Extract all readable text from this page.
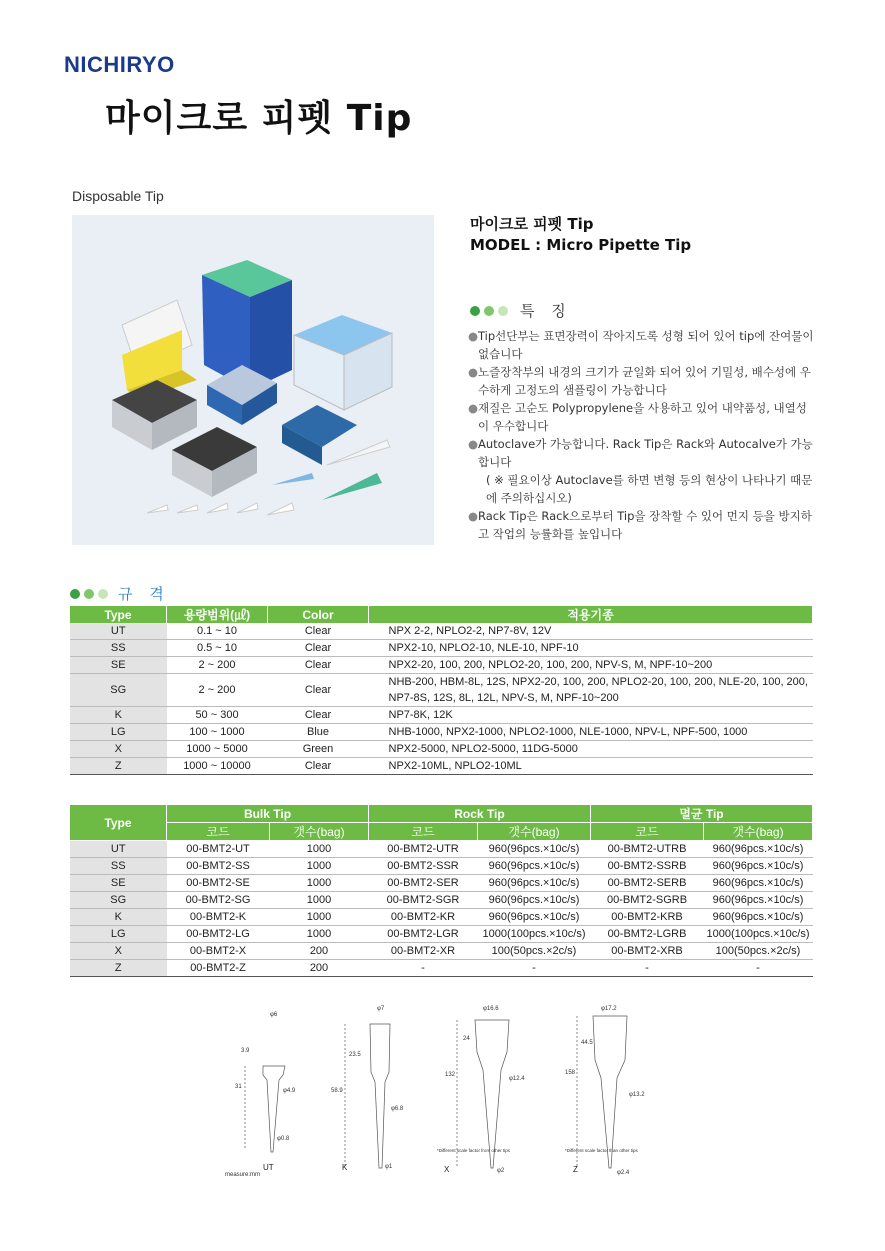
NICHIRYO
마이크로 피펫 Tip
Disposable Tip
마이크로 피펫 Tip
MODEL : Micro Pipette Tip
특 징
● Tip선단부는 표면장력이 작아지도록 성형 되어 있어 tip에 잔여물이 없습니다
● 노즐장착부의 내경의 크기가 균일화 되어 있어 기밀성, 배수성에 우수하게 고정도의 샘플링이 가능합니다
● 재질은 고순도 Polypropylene을 사용하고 있어 내약품성, 내열성이 우수합니다
● Autoclave가 가능합니다. Rack Tip은 Rack와 Autocalve가 가능합니다
( ※ 필요이상 Autoclave를 하면 변형 등의 현상이 나타나기 때문에 주의하십시오)
● Rack Tip은 Rack으로부터 Tip을 장착할 수 있어 먼지 등을 방지하고 작업의 능률화를 높입니다
규 격
Type	용량범위(㎕)	Color	적용기종
UT	0.1 ~ 10	Clear	NPX 2-2, NPLO2-2, NP7-8V, 12V
SS	0.5 ~ 10	Clear	NPX2-10, NPLO2-10, NLE-10, NPF-10
SE	2 ~ 200	Clear	NPX2-20, 100, 200, NPLO2-20, 100, 200, NPV-S, M, NPF-10~200
SG	2 ~ 200	Clear	NHB-200, HBM-8L, 12S, NPX2-20, 100, 200, NPLO2-20, 100, 200, NLE-20, 100, 200, NP7-8S, 12S, 8L, 12L, NPV-S, M, NPF-10~200
K	50 ~ 300	Clear	NP7-8K, 12K
LG	100 ~ 1000	Blue	NHB-1000, NPX2-1000, NPLO2-1000, NLE-1000, NPV-L, NPF-500, 1000
X	1000 ~ 5000	Green	NPX2-5000, NPLO2-5000, 11DG-5000
Z	1000 ~ 10000	Clear	NPX2-10ML, NPLO2-10ML
Type	Bulk Tip		Rock Tip		멸균 Tip	
	코드	갯수(bag)	코드	갯수(bag)	코드	갯수(bag)
UT	00-BMT2-UT	1000	00-BMT2-UTR	960(96pcs.×10c/s)	00-BMT2-UTRB	960(96pcs.×10c/s)
SS	00-BMT2-SS	1000	00-BMT2-SSR	960(96pcs.×10c/s)	00-BMT2-SSRB	960(96pcs.×10c/s)
SE	00-BMT2-SE	1000	00-BMT2-SER	960(96pcs.×10c/s)	00-BMT2-SERB	960(96pcs.×10c/s)
SG	00-BMT2-SG	1000	00-BMT2-SGR	960(96pcs.×10c/s)	00-BMT2-SGRB	960(96pcs.×10c/s)
K	00-BMT2-K	1000	00-BMT2-KR	960(96pcs.×10c/s)	00-BMT2-KRB	960(96pcs.×10c/s)
LG	00-BMT2-LG	1000	00-BMT2-LGR	1000(100pcs.×10c/s)	00-BMT2-LGRB	1000(100pcs.×10c/s)
X	00-BMT2-X	200	00-BMT2-XR	100(50pcs.×2c/s)	00-BMT2-XRB	100(50pcs.×2c/s)
Z	00-BMT2-Z	200	-	-	-	-
φ6
3.9
31
φ4.9
φ0.8
φ7
23.5
58.9
φ6.8
φ1
φ16.6
24
132
φ12.4
φ2
φ17.2
44.5
158
φ13.2
φ2.4
UT	K	X	Z
measure:mm
*Different scale factor from other tips	*Different scale factor than other tips
